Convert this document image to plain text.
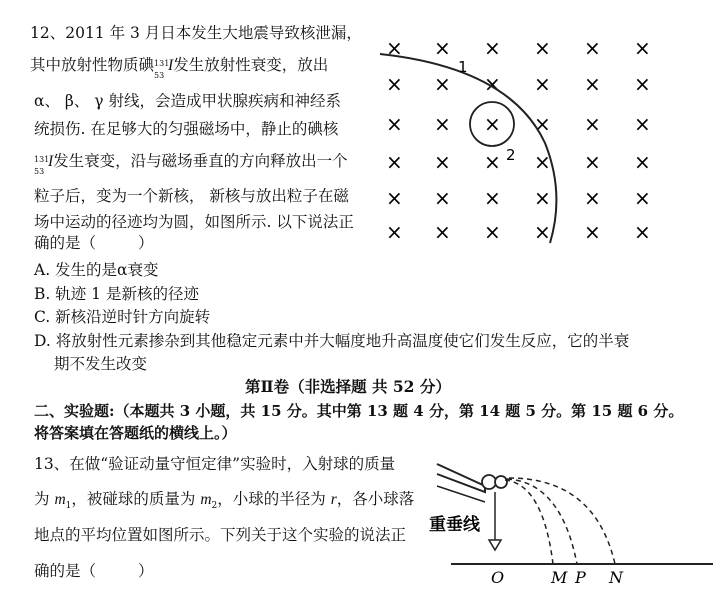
12、2011 年 3 月日本发生大地震导致核泄漏，
其中放射性物质碘 131
53
I发生放射性衰变，放出
α、 β、 γ 射线，会造成甲状腺疾病和神经系
统损伤. 在足够大的匀强磁场中，静止的碘核
131
53
I发生衰变，沿与磁场垂直的方向释放出一个
粒子后，变为一个新核， 新核与放出粒子在磁
场中运动的径迹均为圆，如图所示. 以下说法正
确的是（	）
A. 发生的是α衰变
B. 轨迹 1 是新核的径迹
C. 新核沿逆时针方向旋转
D. 将放射性元素掺杂到其他稳定元素中并大幅度地升高温度使它们发生反应，它的半衰
期不发生改变
第Ⅱ卷（非选择题 共 52 分）
二、实验题:（本题共 3 小题，共 15 分。其中第 13 题 4 分，第 14 题 5 分。第 15 题 6 分。
将答案填在答题纸的横线上。）
13、在做“验证动量守恒定律”实验时，入射球的质量
为 $m_1$，被碰球的质量为 $m_2$，小球的半径为 r，各小球落
地点的平均位置如图所示。下列关于这个实验的说法正
确的是（	）
× × × × × ×
× × × × × ×
× × × × × ×
× × × × × ×
× × × × × ×
× × × × × ×
1
2
重垂线
O	M P N
